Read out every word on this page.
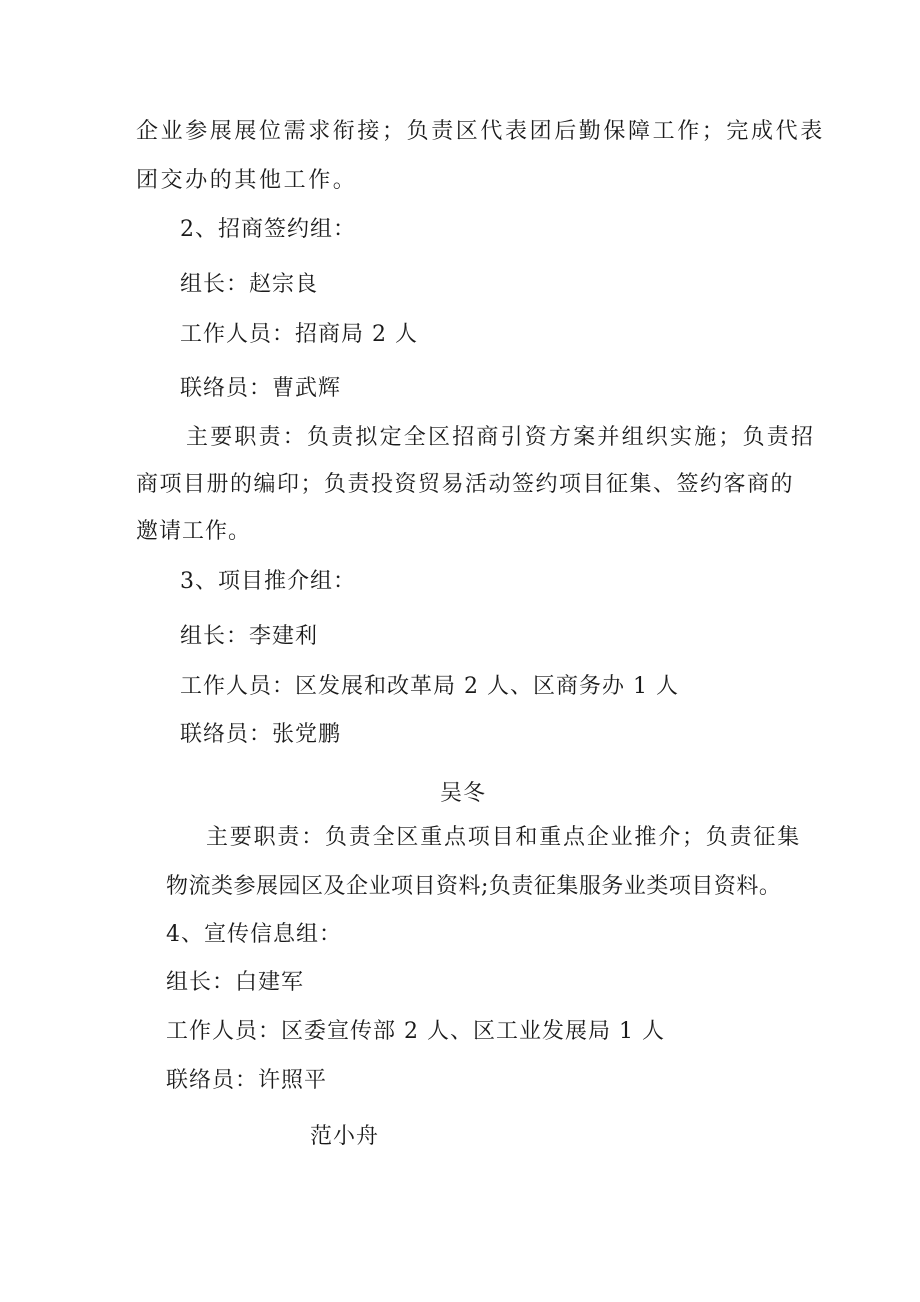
企业参展展位需求衔接；负责区代表团后勤保障工作；完成代表
团交办的其他工作。
2、招商签约组：
组长：赵宗良
工作人员：招商局 2 人
联络员：曹武辉
主要职责：负责拟定全区招商引资方案并组织实施；负责招
商项目册的编印；负责投资贸易活动签约项目征集、签约客商的
邀请工作。
3、项目推介组：
组长：李建利
工作人员：区发展和改革局 2 人、区商务办 1 人
联络员：张党鹏
吴冬
主要职责：负责全区重点项目和重点企业推介；负责征集
物流类参展园区及企业项目资料;负责征集服务业类项目资料。
4、宣传信息组：
组长：白建军
工作人员：区委宣传部 2 人、区工业发展局 1 人
联络员：许照平
范小舟
